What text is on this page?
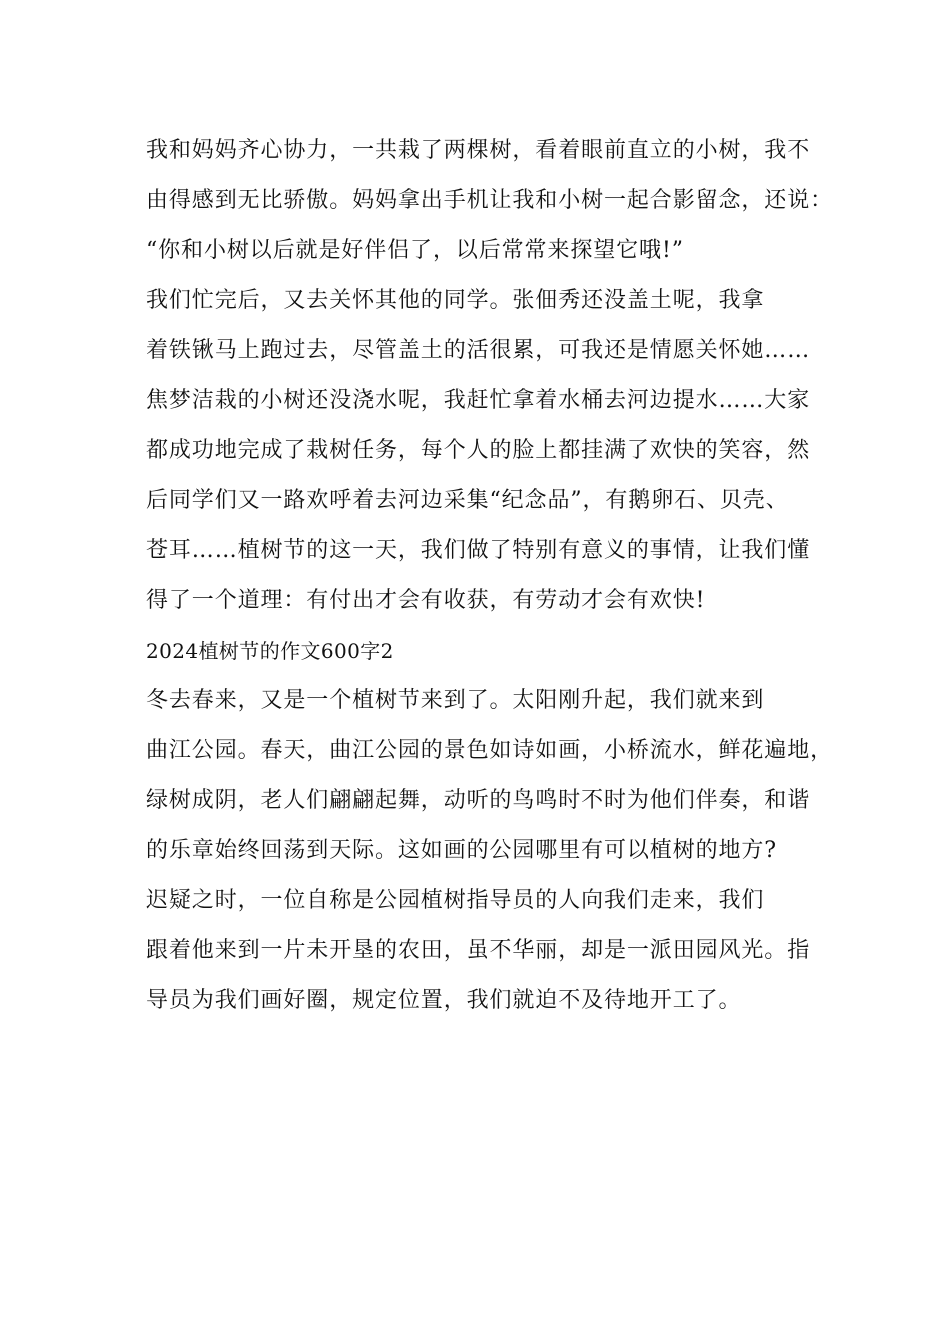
我和妈妈齐心协力，一共栽了两棵树，看着眼前直立的小树，我不
由得感到无比骄傲。妈妈拿出手机让我和小树一起合影留念，还说：
“你和小树以后就是好伴侣了，以后常常来探望它哦!”
我们忙完后，又去关怀其他的同学。张佃秀还没盖土呢，我拿
着铁锹马上跑过去，尽管盖土的活很累，可我还是情愿关怀她……
焦梦洁栽的小树还没浇水呢，我赶忙拿着水桶去河边提水……大家
都成功地完成了栽树任务，每个人的脸上都挂满了欢快的笑容，然
后同学们又一路欢呼着去河边采集“纪念品”，有鹅卵石、贝壳、
苍耳……植树节的这一天，我们做了特别有意义的事情，让我们懂
得了一个道理：有付出才会有收获，有劳动才会有欢快!
2024植树节的作文600字2
冬去春来，又是一个植树节来到了。太阳刚升起，我们就来到
曲江公园。春天，曲江公园的景色如诗如画，小桥流水，鲜花遍地，
绿树成阴，老人们翩翩起舞，动听的鸟鸣时不时为他们伴奏，和谐
的乐章始终回荡到天际。这如画的公园哪里有可以植树的地方?
迟疑之时，一位自称是公园植树指导员的人向我们走来，我们
跟着他来到一片未开垦的农田，虽不华丽，却是一派田园风光。指
导员为我们画好圈，规定位置，我们就迫不及待地开工了。
